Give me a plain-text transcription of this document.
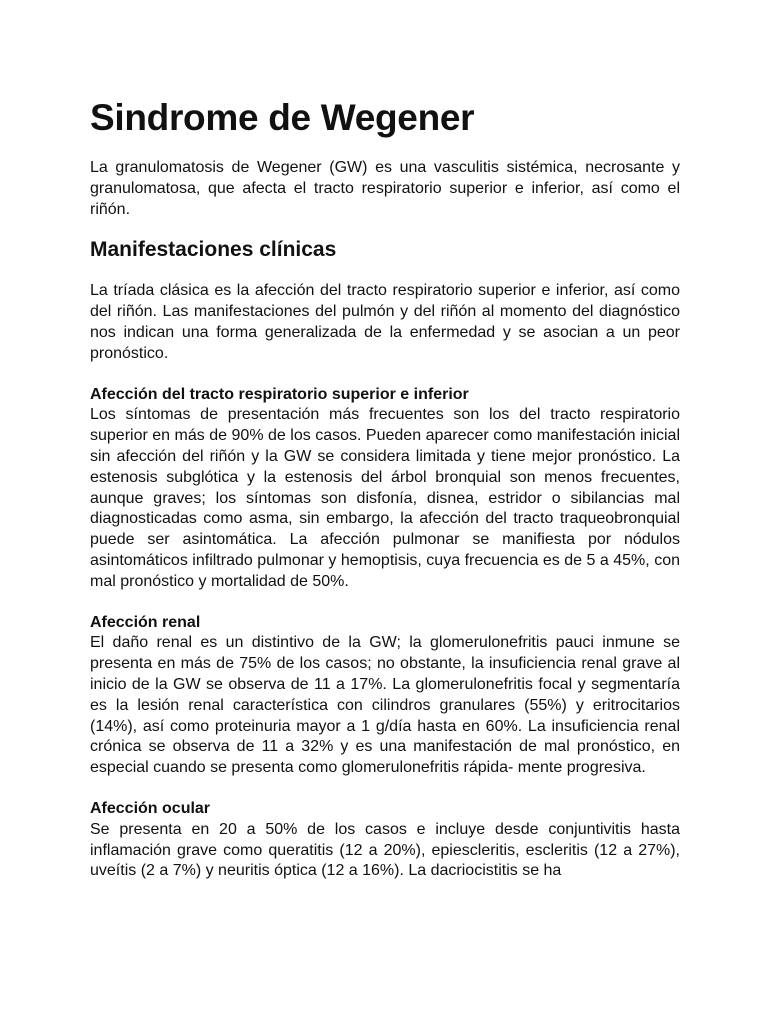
Sindrome de Wegener

La granulomatosis de Wegener (GW) es una vasculitis sistémica, necrosante y granulomatosa, que afecta el tracto respiratorio superior e inferior, así como el riñón.

Manifestaciones clínicas

La tríada clásica es la afección del tracto respiratorio superior e inferior, así como del riñón. Las manifestaciones del pulmón y del riñón al momento del diagnóstico nos indican una forma generalizada de la enfermedad y se asocian a un peor pronóstico.

Afección del tracto respiratorio superior e inferior

Los síntomas de presentación más frecuentes son los del tracto respiratorio superior en más de 90% de los casos. Pueden aparecer como manifestación inicial sin afección del riñón y la GW se considera limitada y tiene mejor pronóstico. La estenosis subglótica y la estenosis del árbol bronquial son menos frecuentes, aunque graves; los síntomas son disfonía, disnea, estridor o sibilancias mal diagnosticadas como asma, sin embargo, la afección del tracto traqueobronquial puede ser asintomática. La afección pulmonar se manifiesta por nódulos asintomáticos infiltrado pulmonar y hemoptisis, cuya frecuencia es de 5 a 45%, con mal pronóstico y mortalidad de 50%.

Afección renal

El daño renal es un distintivo de la GW; la glomerulonefritis pauci inmune se presenta en más de 75% de los casos; no obstante, la insuficiencia renal grave al inicio de la GW se observa de 11 a 17%. La glomerulonefritis focal y segmentaría es la lesión renal característica con cilindros granulares (55%) y eritrocitarios (14%), así como proteinuria mayor a 1 g/día hasta en 60%. La insuficiencia renal crónica se observa de 11 a 32% y es una manifestación de mal pronóstico, en especial cuando se presenta como glomerulonefritis rápida- mente progresiva.

Afección ocular

Se presenta en 20 a 50% de los casos e incluye desde conjuntivitis hasta inflamación grave como queratitis (12 a 20%), epiescleritis, escleritis (12 a 27%), uveítis (2 a 7%) y neuritis óptica (12 a 16%). La dacriocistitis se ha
